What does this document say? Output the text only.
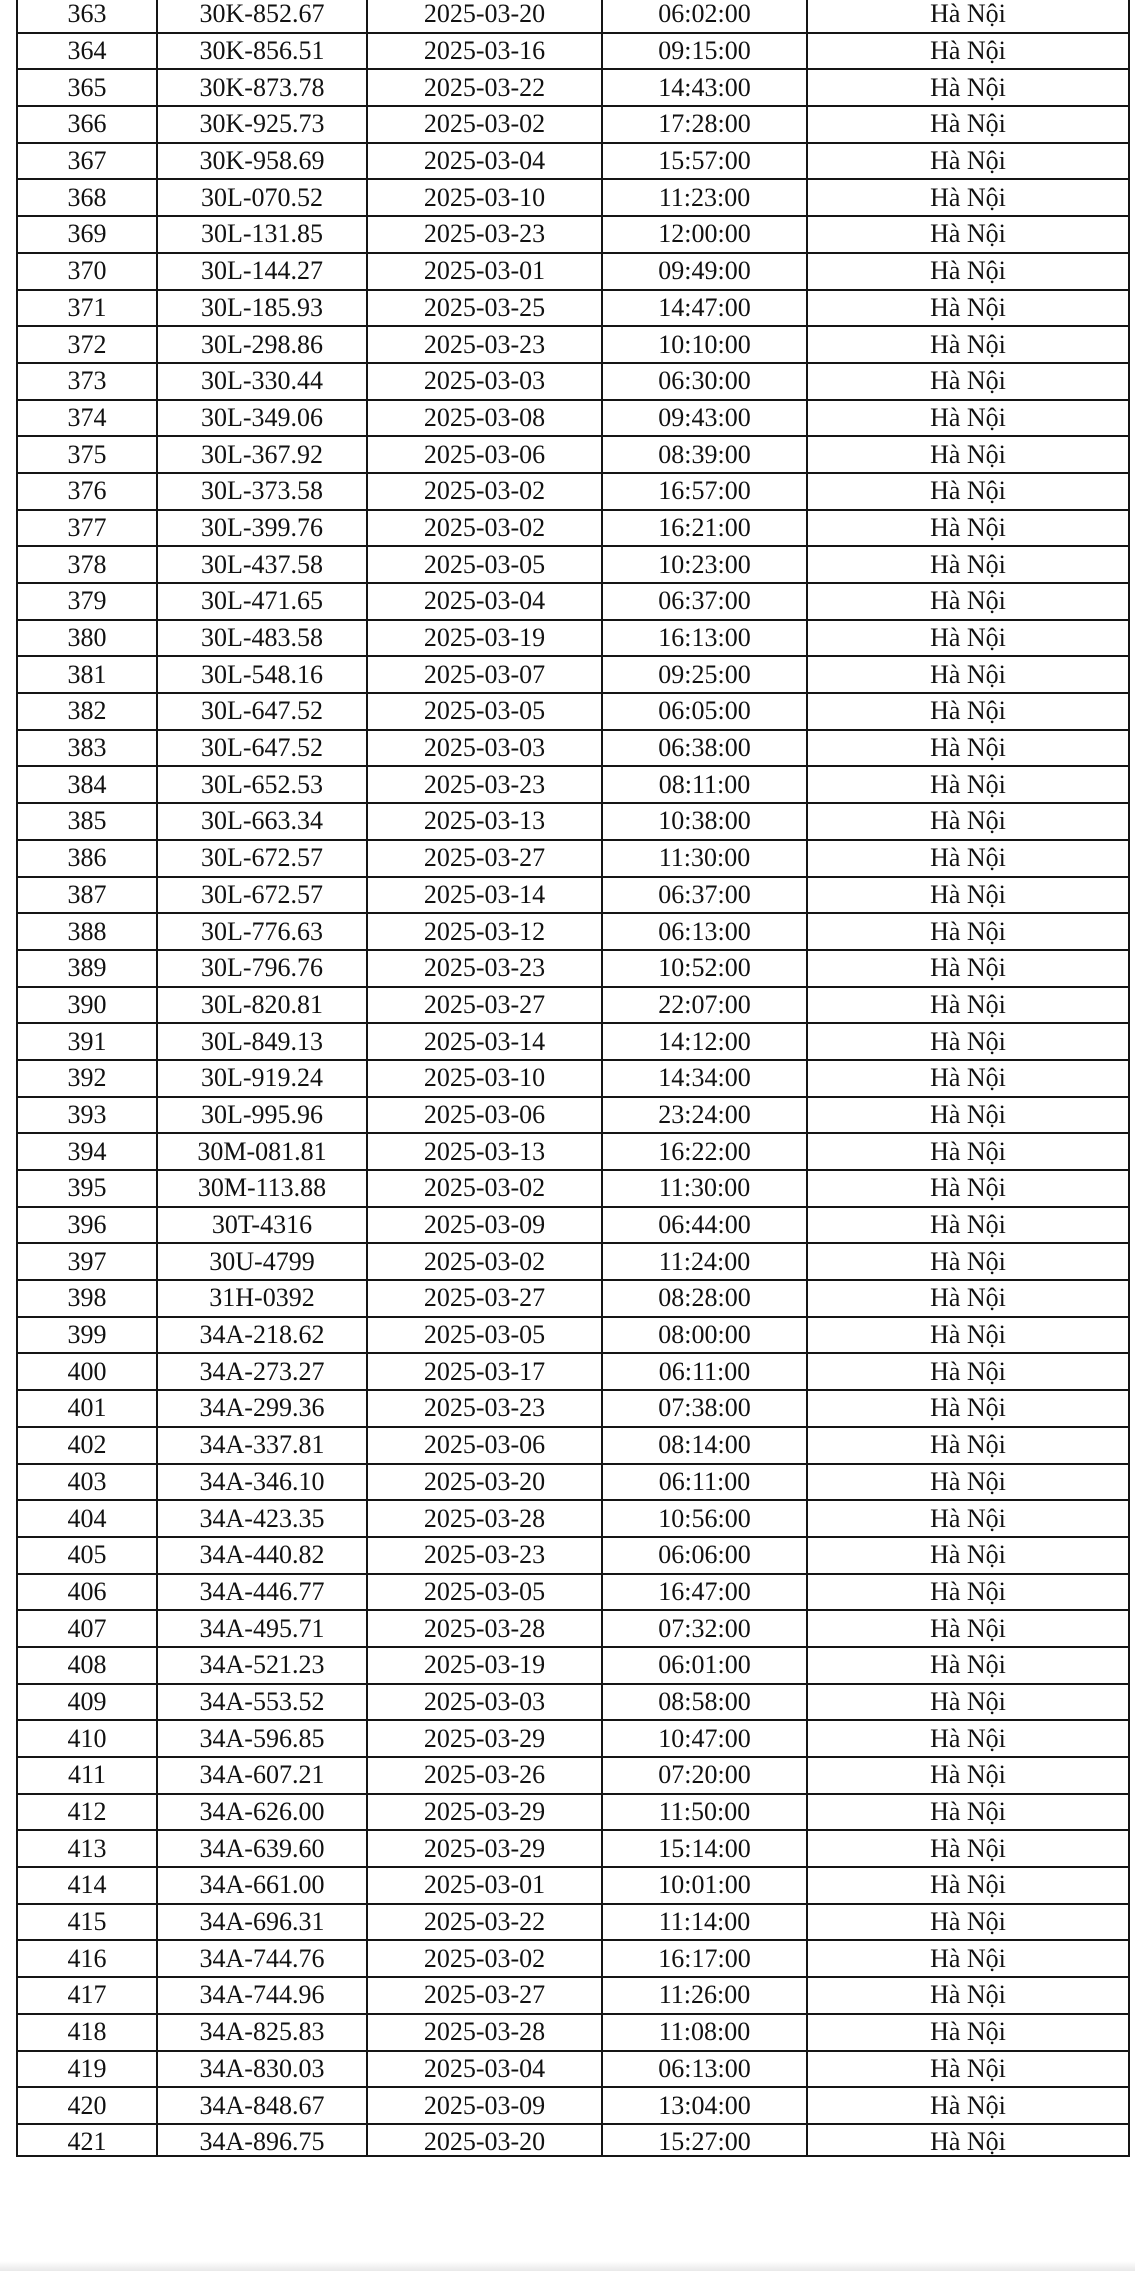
363	30K-852.67	2025-03-20	06:02:00	Hà Nội
364	30K-856.51	2025-03-16	09:15:00	Hà Nội
365	30K-873.78	2025-03-22	14:43:00	Hà Nội
366	30K-925.73	2025-03-02	17:28:00	Hà Nội
367	30K-958.69	2025-03-04	15:57:00	Hà Nội
368	30L-070.52	2025-03-10	11:23:00	Hà Nội
369	30L-131.85	2025-03-23	12:00:00	Hà Nội
370	30L-144.27	2025-03-01	09:49:00	Hà Nội
371	30L-185.93	2025-03-25	14:47:00	Hà Nội
372	30L-298.86	2025-03-23	10:10:00	Hà Nội
373	30L-330.44	2025-03-03	06:30:00	Hà Nội
374	30L-349.06	2025-03-08	09:43:00	Hà Nội
375	30L-367.92	2025-03-06	08:39:00	Hà Nội
376	30L-373.58	2025-03-02	16:57:00	Hà Nội
377	30L-399.76	2025-03-02	16:21:00	Hà Nội
378	30L-437.58	2025-03-05	10:23:00	Hà Nội
379	30L-471.65	2025-03-04	06:37:00	Hà Nội
380	30L-483.58	2025-03-19	16:13:00	Hà Nội
381	30L-548.16	2025-03-07	09:25:00	Hà Nội
382	30L-647.52	2025-03-05	06:05:00	Hà Nội
383	30L-647.52	2025-03-03	06:38:00	Hà Nội
384	30L-652.53	2025-03-23	08:11:00	Hà Nội
385	30L-663.34	2025-03-13	10:38:00	Hà Nội
386	30L-672.57	2025-03-27	11:30:00	Hà Nội
387	30L-672.57	2025-03-14	06:37:00	Hà Nội
388	30L-776.63	2025-03-12	06:13:00	Hà Nội
389	30L-796.76	2025-03-23	10:52:00	Hà Nội
390	30L-820.81	2025-03-27	22:07:00	Hà Nội
391	30L-849.13	2025-03-14	14:12:00	Hà Nội
392	30L-919.24	2025-03-10	14:34:00	Hà Nội
393	30L-995.96	2025-03-06	23:24:00	Hà Nội
394	30M-081.81	2025-03-13	16:22:00	Hà Nội
395	30M-113.88	2025-03-02	11:30:00	Hà Nội
396	30T-4316	2025-03-09	06:44:00	Hà Nội
397	30U-4799	2025-03-02	11:24:00	Hà Nội
398	31H-0392	2025-03-27	08:28:00	Hà Nội
399	34A-218.62	2025-03-05	08:00:00	Hà Nội
400	34A-273.27	2025-03-17	06:11:00	Hà Nội
401	34A-299.36	2025-03-23	07:38:00	Hà Nội
402	34A-337.81	2025-03-06	08:14:00	Hà Nội
403	34A-346.10	2025-03-20	06:11:00	Hà Nội
404	34A-423.35	2025-03-28	10:56:00	Hà Nội
405	34A-440.82	2025-03-23	06:06:00	Hà Nội
406	34A-446.77	2025-03-05	16:47:00	Hà Nội
407	34A-495.71	2025-03-28	07:32:00	Hà Nội
408	34A-521.23	2025-03-19	06:01:00	Hà Nội
409	34A-553.52	2025-03-03	08:58:00	Hà Nội
410	34A-596.85	2025-03-29	10:47:00	Hà Nội
411	34A-607.21	2025-03-26	07:20:00	Hà Nội
412	34A-626.00	2025-03-29	11:50:00	Hà Nội
413	34A-639.60	2025-03-29	15:14:00	Hà Nội
414	34A-661.00	2025-03-01	10:01:00	Hà Nội
415	34A-696.31	2025-03-22	11:14:00	Hà Nội
416	34A-744.76	2025-03-02	16:17:00	Hà Nội
417	34A-744.96	2025-03-27	11:26:00	Hà Nội
418	34A-825.83	2025-03-28	11:08:00	Hà Nội
419	34A-830.03	2025-03-04	06:13:00	Hà Nội
420	34A-848.67	2025-03-09	13:04:00	Hà Nội
421	34A-896.75	2025-03-20	15:27:00	Hà Nội
